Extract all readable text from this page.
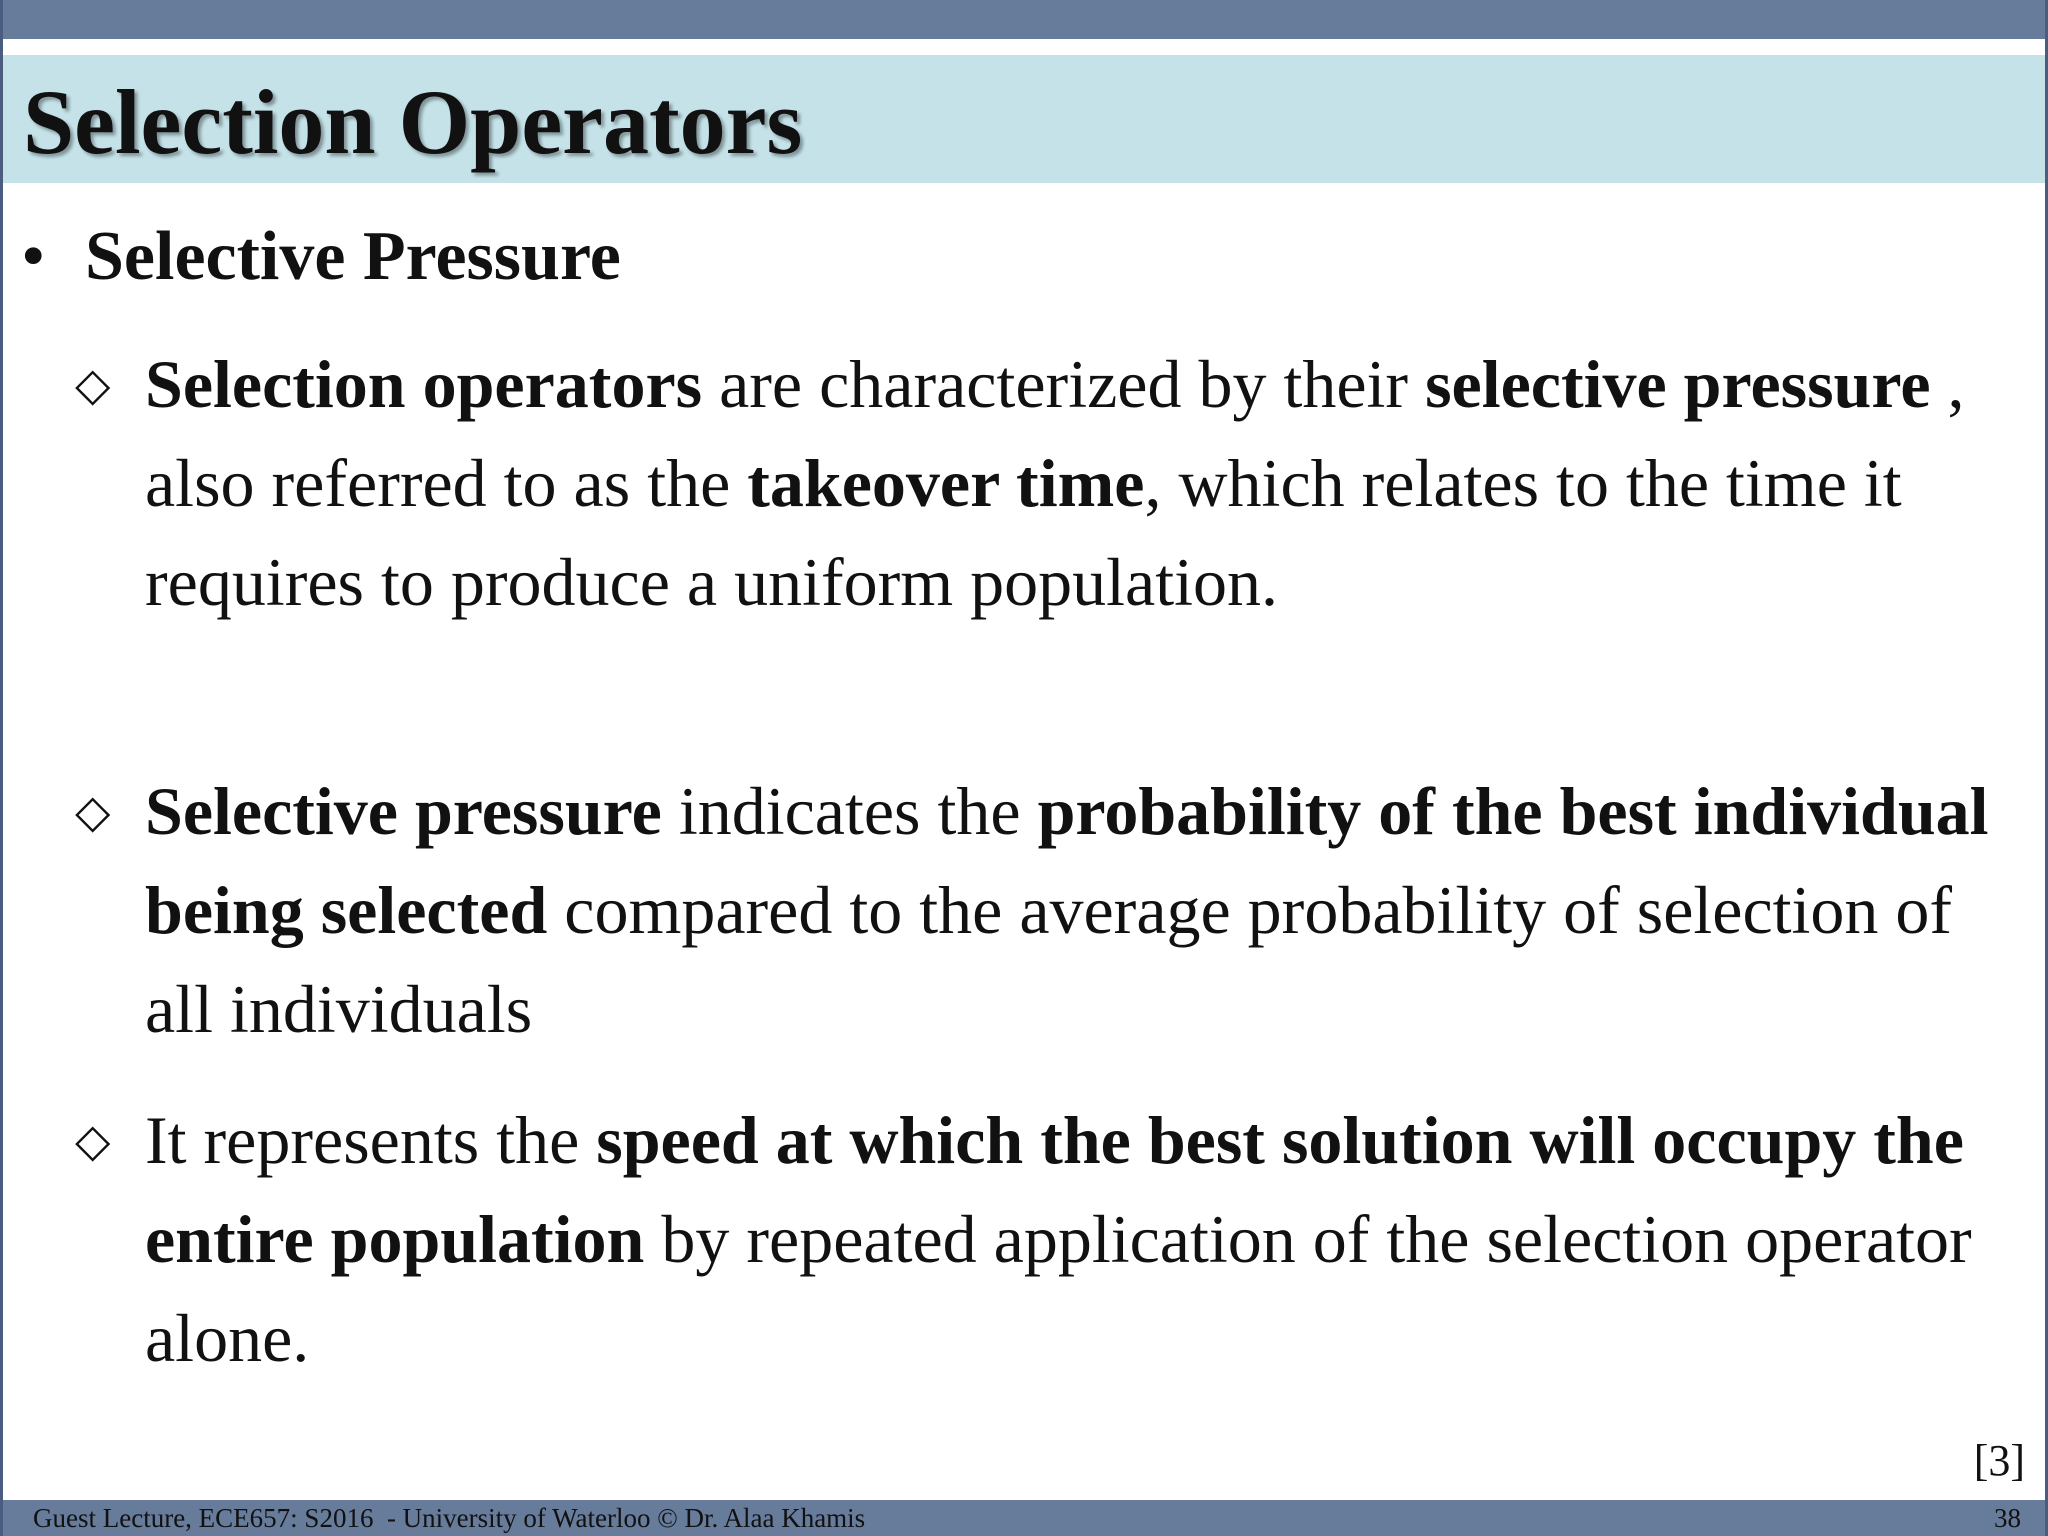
Selection Operators
• Selective Pressure
◇ Selection operators are characterized by their selective pressure , also referred to as the takeover time, which relates to the time it requires to produce a uniform population.
◇ Selective pressure indicates the probability of the best individual being selected compared to the average probability of selection of all individuals
◇ It represents the speed at which the best solution will occupy the entire population by repeated application of the selection operator alone.
[3]
Guest Lecture, ECE657: S2016  - University of Waterloo © Dr. Alaa Khamis	38
